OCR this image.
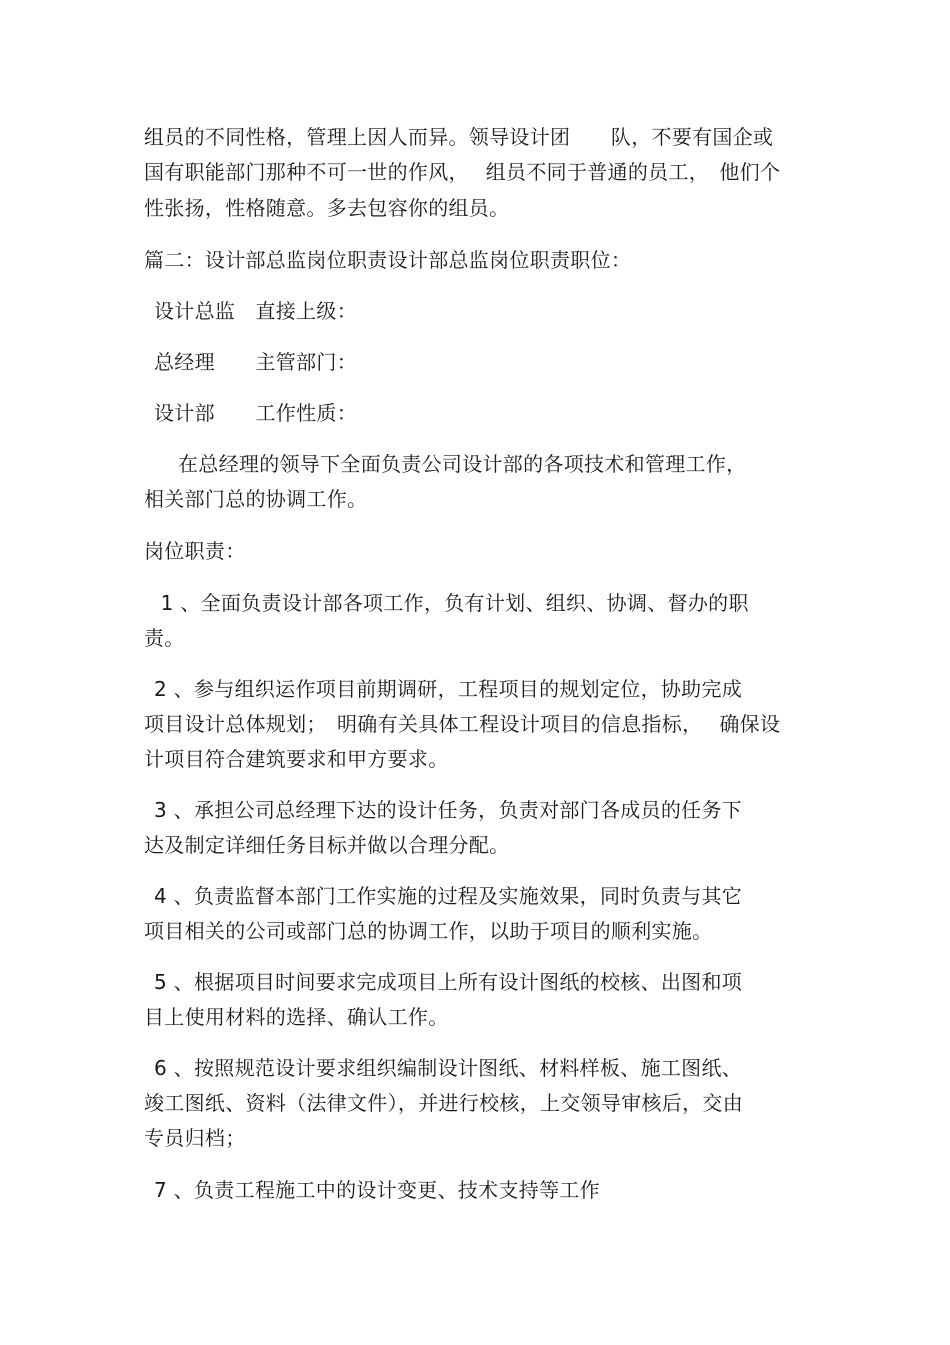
组员的不同性格，管理上因人而异。领导设计团　　队，不要有国企或
国有职能部门那种不可一世的作风，　 组员不同于普通的员工，　他们个
性张扬，性格随意。多去包容你的组员。
篇二：设计部总监岗位职责设计部总监岗位职责职位：
设计总监　直接上级：
总经理　　主管部门：
设计部　　工作性质：
在总经理的领导下全面负责公司设计部的各项技术和管理工作，
相关部门总的协调工作。
岗位职责：
1 、全面负责设计部各项工作，负有计划、组织、协调、督办的职
责。
2 、参与组织运作项目前期调研，工程项目的规划定位，协助完成
项目设计总体规划；　明确有关具体工程设计项目的信息指标，　 确保设
计项目符合建筑要求和甲方要求。
3 、承担公司总经理下达的设计任务，负责对部门各成员的任务下
达及制定详细任务目标并做以合理分配。
4 、负责监督本部门工作实施的过程及实施效果，同时负责与其它
项目相关的公司或部门总的协调工作，以助于项目的顺利实施。
5 、根据项目时间要求完成项目上所有设计图纸的校核、出图和项
目上使用材料的选择、确认工作。
6 、按照规范设计要求组织编制设计图纸、材料样板、施工图纸、
竣工图纸、资料（法律文件），并进行校核，上交领导审核后，交由
专员归档；
7 、负责工程施工中的设计变更、技术支持等工作
